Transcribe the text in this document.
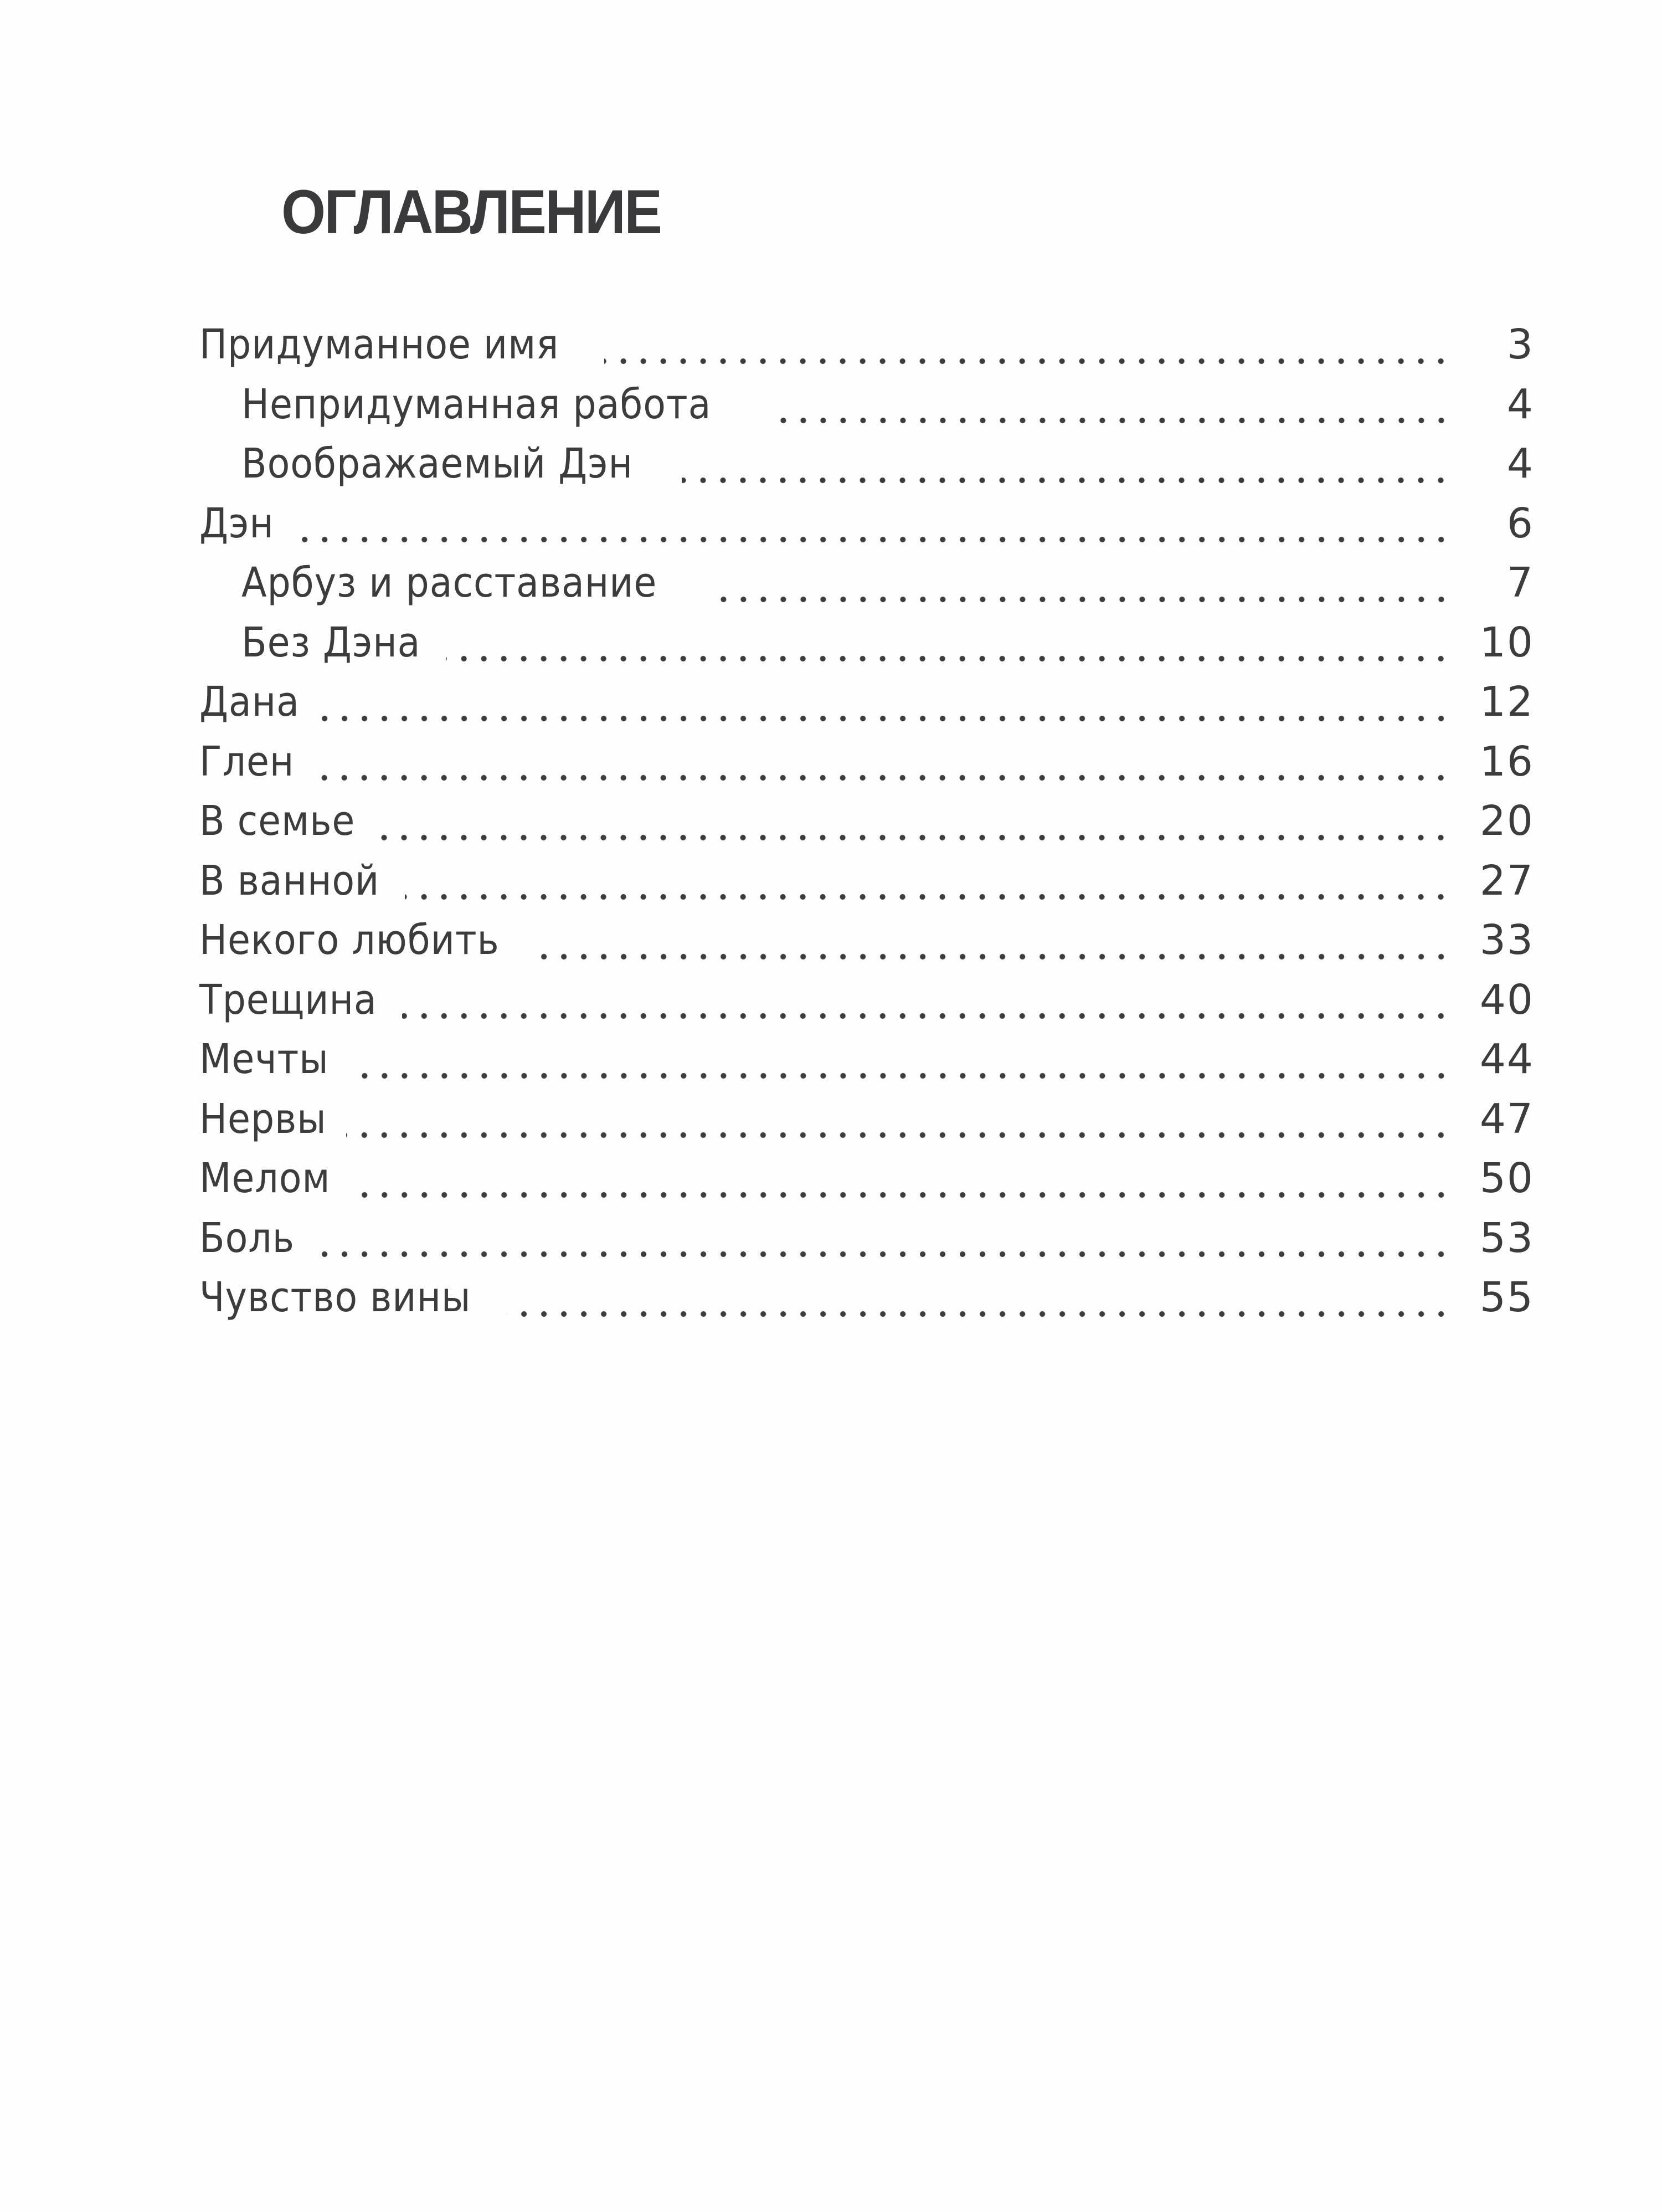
ОГЛАВЛЕНИЕ
Придуманное имя	3
Непридуманная работа	4
Воображаемый Дэн	4
Дэн	6
Арбуз и расставание	7
Без Дэна	10
Дана	12
Глен	16
В семье	20
В ванной	27
Некого любить	33
Трещина	40
Мечты	44
Нервы	47
Мелом	50
Боль	53
Чувство вины	55
